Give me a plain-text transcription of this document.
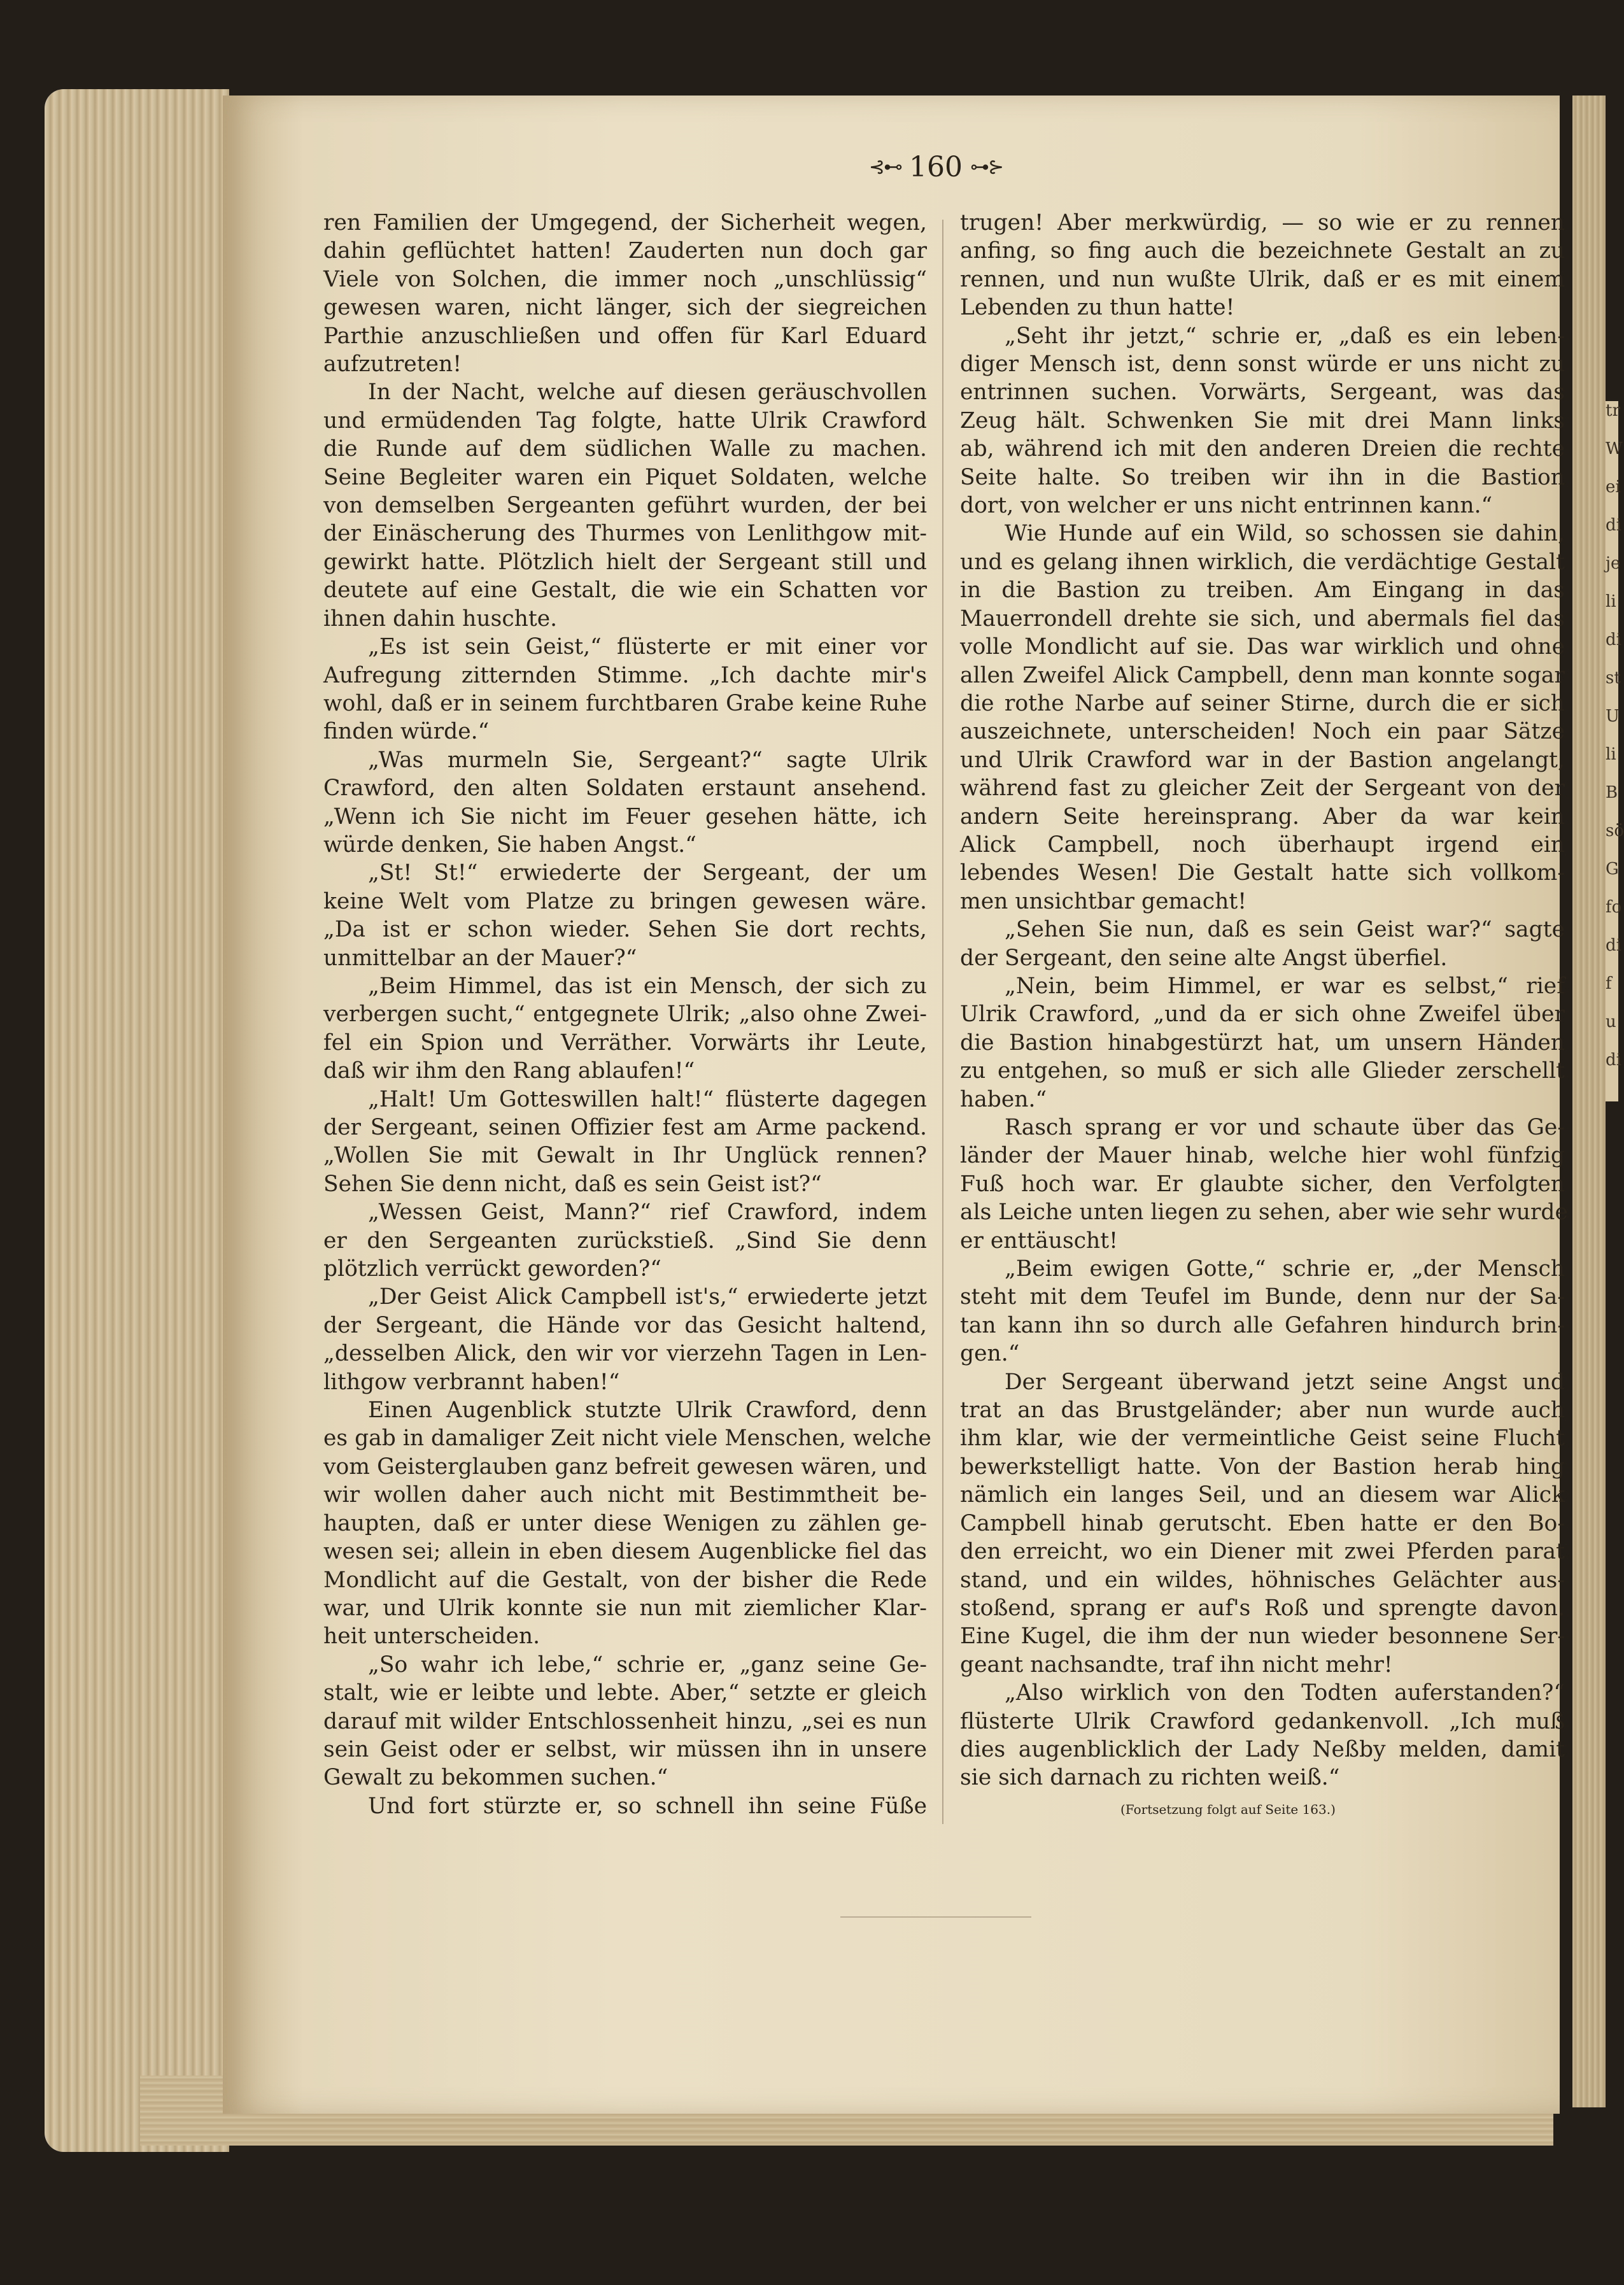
⊰⊷ 160 ⊶⊱
ren Familien der Umgegend, der Sicherheit wegen,
dahin geflüchtet hatten! Zauderten nun doch gar
Viele von Solchen, die immer noch „unschlüssig“
gewesen waren, nicht länger, sich der siegreichen
Parthie anzuschließen und offen für Karl Eduard
aufzutreten!
In der Nacht, welche auf diesen geräuschvollen
und ermüdenden Tag folgte, hatte Ulrik Crawford
die Runde auf dem südlichen Walle zu machen.
Seine Begleiter waren ein Piquet Soldaten, welche
von demselben Sergeanten geführt wurden, der bei
der Einäscherung des Thurmes von Lenlithgow mit-
gewirkt hatte. Plötzlich hielt der Sergeant still und
deutete auf eine Gestalt, die wie ein Schatten vor
ihnen dahin huschte.
„Es ist sein Geist,“ flüsterte er mit einer vor
Aufregung zitternden Stimme. „Ich dachte mir's
wohl, daß er in seinem furchtbaren Grabe keine Ruhe
finden würde.“
„Was murmeln Sie, Sergeant?“ sagte Ulrik
Crawford, den alten Soldaten erstaunt ansehend.
„Wenn ich Sie nicht im Feuer gesehen hätte, ich
würde denken, Sie haben Angst.“
„St! St!“ erwiederte der Sergeant, der um
keine Welt vom Platze zu bringen gewesen wäre.
„Da ist er schon wieder. Sehen Sie dort rechts,
unmittelbar an der Mauer?“
„Beim Himmel, das ist ein Mensch, der sich zu
verbergen sucht,“ entgegnete Ulrik; „also ohne Zwei-
fel ein Spion und Verräther. Vorwärts ihr Leute,
daß wir ihm den Rang ablaufen!“
„Halt! Um Gotteswillen halt!“ flüsterte dagegen
der Sergeant, seinen Offizier fest am Arme packend.
„Wollen Sie mit Gewalt in Ihr Unglück rennen?
Sehen Sie denn nicht, daß es sein Geist ist?“
„Wessen Geist, Mann?“ rief Crawford, indem
er den Sergeanten zurückstieß. „Sind Sie denn
plötzlich verrückt geworden?“
„Der Geist Alick Campbell ist's,“ erwiederte jetzt
der Sergeant, die Hände vor das Gesicht haltend,
„desselben Alick, den wir vor vierzehn Tagen in Len-
lithgow verbrannt haben!“
Einen Augenblick stutzte Ulrik Crawford, denn
es gab in damaliger Zeit nicht viele Menschen, welche
vom Geisterglauben ganz befreit gewesen wären, und
wir wollen daher auch nicht mit Bestimmtheit be-
haupten, daß er unter diese Wenigen zu zählen ge-
wesen sei; allein in eben diesem Augenblicke fiel das
Mondlicht auf die Gestalt, von der bisher die Rede
war, und Ulrik konnte sie nun mit ziemlicher Klar-
heit unterscheiden.
„So wahr ich lebe,“ schrie er, „ganz seine Ge-
stalt, wie er leibte und lebte. Aber,“ setzte er gleich
darauf mit wilder Entschlossenheit hinzu, „sei es nun
sein Geist oder er selbst, wir müssen ihn in unsere
Gewalt zu bekommen suchen.“
Und fort stürzte er, so schnell ihn seine Füße
trugen! Aber merkwürdig, — so wie er zu rennen
anfing, so fing auch die bezeichnete Gestalt an zu
rennen, und nun wußte Ulrik, daß er es mit einem
Lebenden zu thun hatte!
„Seht ihr jetzt,“ schrie er, „daß es ein leben-
diger Mensch ist, denn sonst würde er uns nicht zu
entrinnen suchen. Vorwärts, Sergeant, was das
Zeug hält. Schwenken Sie mit drei Mann links
ab, während ich mit den anderen Dreien die rechte
Seite halte. So treiben wir ihn in die Bastion
dort, von welcher er uns nicht entrinnen kann.“
Wie Hunde auf ein Wild, so schossen sie dahin,
und es gelang ihnen wirklich, die verdächtige Gestalt
in die Bastion zu treiben. Am Eingang in das
Mauerrondell drehte sie sich, und abermals fiel das
volle Mondlicht auf sie. Das war wirklich und ohne
allen Zweifel Alick Campbell, denn man konnte sogar
die rothe Narbe auf seiner Stirne, durch die er sich
auszeichnete, unterscheiden! Noch ein paar Sätze
und Ulrik Crawford war in der Bastion angelangt,
während fast zu gleicher Zeit der Sergeant von der
andern Seite hereinsprang. Aber da war kein
Alick Campbell, noch überhaupt irgend ein
lebendes Wesen! Die Gestalt hatte sich vollkom-
men unsichtbar gemacht!
„Sehen Sie nun, daß es sein Geist war?“ sagte
der Sergeant, den seine alte Angst überfiel.
„Nein, beim Himmel, er war es selbst,“ rief
Ulrik Crawford, „und da er sich ohne Zweifel über
die Bastion hinabgestürzt hat, um unsern Händen
zu entgehen, so muß er sich alle Glieder zerschellt
haben.“
Rasch sprang er vor und schaute über das Ge-
länder der Mauer hinab, welche hier wohl fünfzig
Fuß hoch war. Er glaubte sicher, den Verfolgten
als Leiche unten liegen zu sehen, aber wie sehr wurde
er enttäuscht!
„Beim ewigen Gotte,“ schrie er, „der Mensch
steht mit dem Teufel im Bunde, denn nur der Sa-
tan kann ihn so durch alle Gefahren hindurch brin-
gen.“
Der Sergeant überwand jetzt seine Angst und
trat an das Brustgeländer; aber nun wurde auch
ihm klar, wie der vermeintliche Geist seine Flucht
bewerkstelligt hatte. Von der Bastion herab hing
nämlich ein langes Seil, und an diesem war Alick
Campbell hinab gerutscht. Eben hatte er den Bo-
den erreicht, wo ein Diener mit zwei Pferden parat
stand, und ein wildes, höhnisches Gelächter aus-
stoßend, sprang er auf's Roß und sprengte davon.
Eine Kugel, die ihm der nun wieder besonnene Ser-
geant nachsandte, traf ihn nicht mehr!
„Also wirklich von den Todten auferstanden?“
flüsterte Ulrik Crawford gedankenvoll. „Ich muß
dies augenblicklich der Lady Neßby melden, damit
sie sich darnach zu richten weiß.“
(Fortsetzung folgt auf Seite 163.)
tr
W
ei
di
je
li
di
st
U
li
B
sö
G
fo
di
f
u
di
